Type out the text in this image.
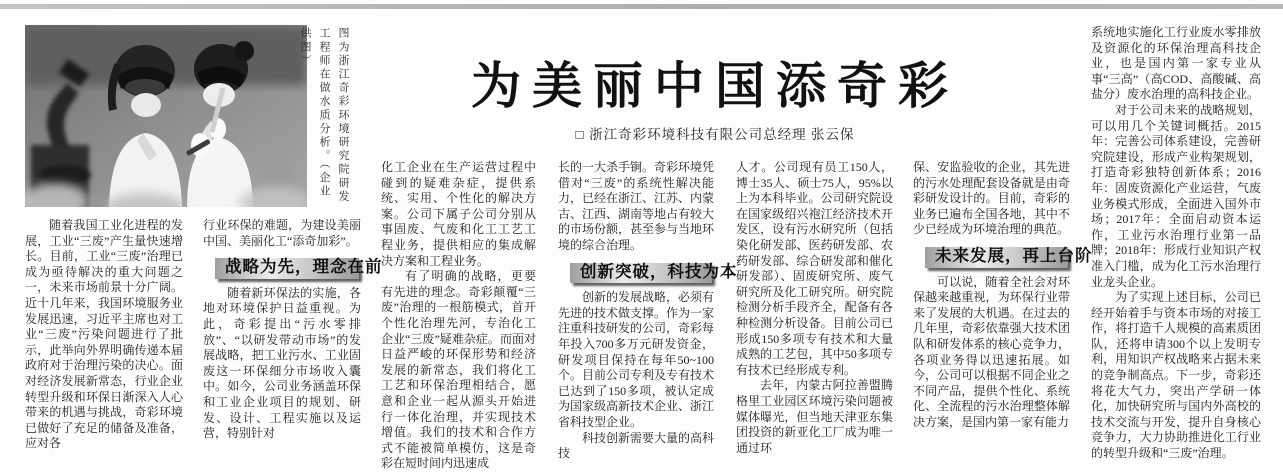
图为浙江奇彩环境研究院研发工程师在做水质分析。（企业供图）
为美丽中国添奇彩
□ 浙江奇彩环境科技有限公司总经理 张云保

随着我国工业化进程的发展，工业“三废”产生量快速增长。目前，工业“三废”治理已成为亟待解决的重大问题之一，未来市场前景十分广阔。近十几年来，我国环境服务业发展迅速，习近平主席也对工业“三废”污染问题进行了批示，此举向外界明确传递本届政府对于治理污染的决心。面对经济发展新常态，行业企业转型升级和环保日渐深入人心带来的机遇与挑战，奇彩环境已做好了充足的储备及准备，应对各

行业环保的难题，为建设美丽中国、美丽化工“添奇加彩”。

战略为先，理念在前

随着新环保法的实施，各地对环境保护日益重视。为此，奇彩提出“污水零排放”、“以研发带动市场”的发展战略，把工业污水、工业固废这一环保细分市场收入囊中。如今，公司业务涵盖环保和工业企业项目的规划、研发、设计、工程实施以及运营，特别针对

化工企业在生产运营过程中碰到的疑难杂症，提供系统、实用、个性化的解决方案。公司下属子公司分别从事固废、气废和化工工艺工程业务，提供相应的集成解决方案和工程业务。

有了明确的战略，更要有先进的理念。奇彩颠覆“三废”治理的一根筋模式，首开个性化治理先河，专治化工企业“三废”疑难杂症。而面对日益严峻的环保形势和经济发展的新常态，我们将化工工艺和环保治理相结合，愿意和企业一起从源头开始进行一体化治理，并实现技术增值。我们的技术和合作方式不能被简单模仿，这是奇彩在短时间内迅速成

长的一大杀手锏。奇彩环境凭借对“三废”的系统性解决能力，已经在浙江、江苏、内蒙古、江西、湖南等地占有较大的市场份额，甚至参与当地环境的综合治理。

创新突破，科技为本

创新的发展战略，必须有先进的技术做支撑。作为一家注重科技研发的公司，奇彩每年投入700多万元研发资金，研发项目保持在每年50~100个。目前公司专利及专有技术已达到了150多项，被认定成为国家级高新技术企业、浙江省科技型企业。

科技创新需要大量的高科技

人才。公司现有员工150人，博士35人、硕士75人，95%以上为本科毕业。公司研究院设在国家级绍兴袍江经济技术开发区，设有污水研究所（包括染化研发部、医药研发部、农药研发部、综合研发部和催化研发部）、固废研究所、废气研究所及化工研究所。研究院检测分析手段齐全，配备有各种检测分析设备。目前公司已形成150多项专有技术和大量成熟的工艺包，其中50多项专有技术已经形成专利。

去年，内蒙古阿拉善盟腾格里工业园区环境污染问题被媒体曝光，但当地天津亚东集团投资的新亚化工厂成为唯一通过环

保、安监验收的企业，其先进的污水处理配套设备就是由奇彩研发设计的。目前，奇彩的业务已遍布全国各地，其中不少已经成为环境治理的典范。

未来发展，再上台阶

可以说，随着全社会对环保越来越重视，为环保行业带来了发展的大机遇。在过去的几年里，奇彩依靠强大技术团队和研发体系的核心竞争力，各项业务得以迅速拓展。如今，公司可以根据不同企业之不同产品，提供个性化、系统化、全流程的污水治理整体解决方案，是国内第一家有能力

系统地实施化工行业废水零排放及资源化的环保治理高科技企业，也是国内第一家专业从事“三高”（高COD、高酸碱、高盐分）废水治理的高科技企业。

对于公司未来的战略规划，可以用几个关键词概括。2015年：完善公司体系建设，完善研究院建设，形成产业构架规划，打造奇彩独特创新体系；2016年：固废资源化产业运营，气废业务模式形成，全面进入国外市场；2017年：全面启动资本运作，工业污水治理行业第一品牌；2018年：形成行业知识产权准入门槛，成为化工污水治理行业龙头企业。

为了实现上述目标，公司已经开始着手与资本市场的对接工作，将打造千人规模的高素质团队，还将申请300个以上发明专利，用知识产权战略来占据未来的竞争制高点。下一步，奇彩还将花大气力，突出产学研一体化，加快研究所与国内外高校的技术交流与开发，提升自身核心竞争力，大力协助推进化工行业的转型升级和“三废”治理。
